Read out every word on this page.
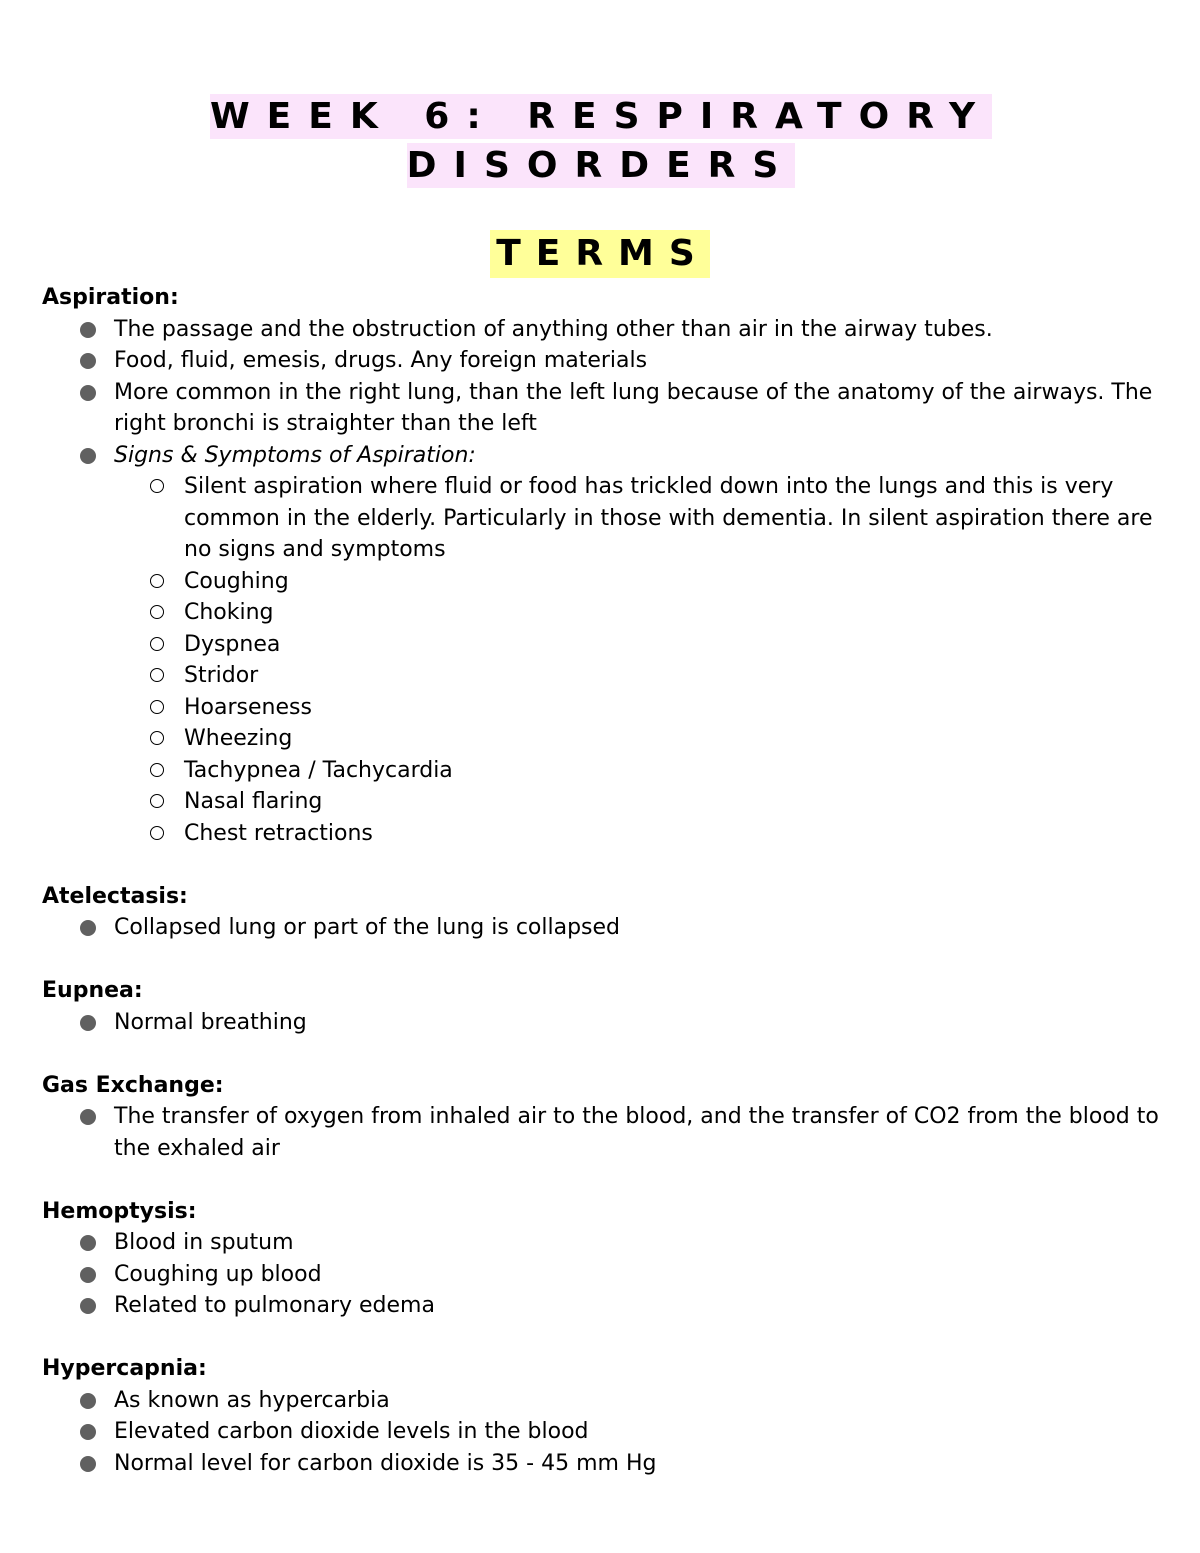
WEEK 6: RESPIRATORY DISORDERS
TERMS

Aspiration:

The passage and the obstruction of anything other than air in the airway tubes.
Food, fluid, emesis, drugs. Any foreign materials
More common in the right lung, than the left lung because of the anatomy of the airways. The right bronchi is straighter than the left
Signs & Symptoms of Aspiration:
Silent aspiration where fluid or food has trickled down into the lungs and this is very common in the elderly. Particularly in those with dementia. In silent aspiration there are no signs and symptoms
Coughing
Choking
Dyspnea
Stridor
Hoarseness
Wheezing
Tachypnea / Tachycardia
Nasal flaring
Chest retractions

Atelectasis:

Collapsed lung or part of the lung is collapsed

Eupnea:

Normal breathing

Gas Exchange:

The transfer of oxygen from inhaled air to the blood, and the transfer of CO2 from the blood to the exhaled air

Hemoptysis:

Blood in sputum
Coughing up blood
Related to pulmonary edema

Hypercapnia:

As known as hypercarbia
Elevated carbon dioxide levels in the blood
Normal level for carbon dioxide is 35 - 45 mm Hg
